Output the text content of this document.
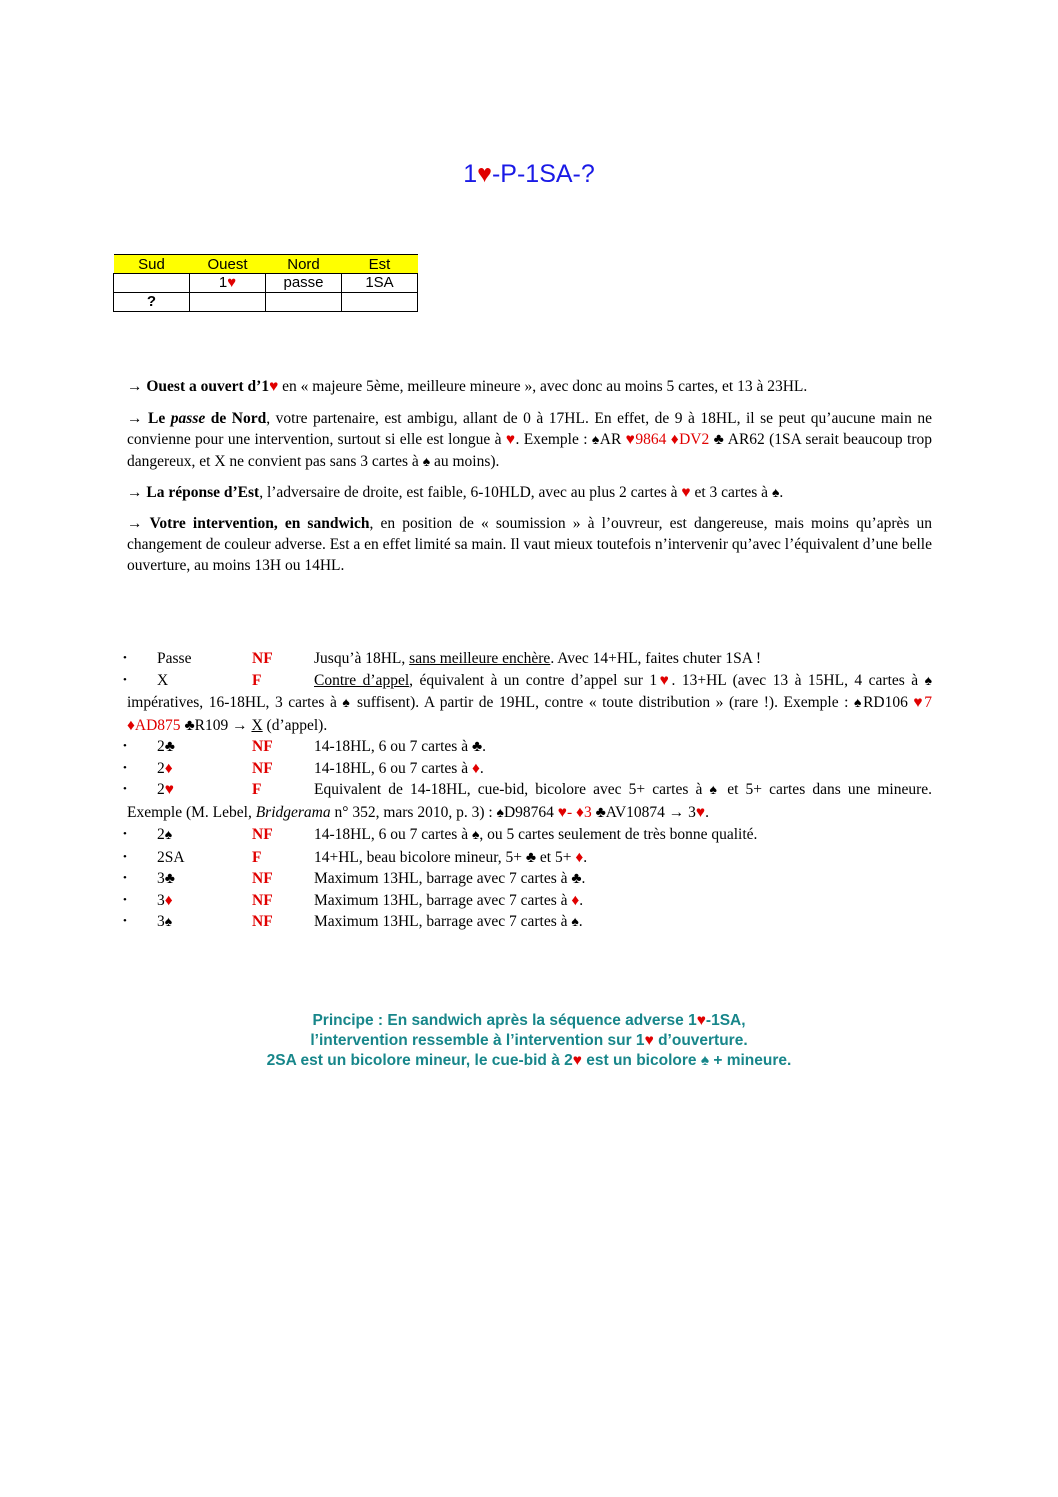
1♥-P-1SA-?
Sud	Ouest	Nord	Est
	1♥	passe	1SA
?			
→ Ouest a ouvert d’1♥ en « majeure 5ème, meilleure mineure », avec donc au moins 5 cartes, et 13 à 23HL.
→ Le passe de Nord, votre partenaire, est ambigu, allant de 0 à 17HL. En effet, de 9 à 18HL, il se peut qu’aucune main ne convienne pour une intervention, surtout si elle est longue à ♥. Exemple : ♠AR ♥9864 ♦DV2 ♣ AR62 (1SA serait beaucoup trop dangereux, et X ne convient pas sans 3 cartes à ♠ au moins).
→ La réponse d’Est, l’adversaire de droite, est faible, 6-10HLD, avec au plus 2 cartes à ♥ et 3 cartes à ♠.
→ Votre intervention, en sandwich, en position de « soumission » à l’ouvreur, est dangereuse, mais moins qu’après un changement de couleur adverse. Est a en effet limité sa main. Il vaut mieux toutefois n’intervenir qu’avec l’équivalent d’une belle ouverture, au moins 13H ou 14HL.
• Passe	NF	Jusqu’à 18HL, sans meilleure enchère. Avec 14+HL, faites chuter 1SA !
• X	F	Contre d’appel, équivalent à un contre d’appel sur 1♥. 13+HL (avec 13 à 15HL, 4 cartes à ♠ impératives, 16-18HL, 3 cartes à ♠ suffisent). A partir de 19HL, contre « toute distribution » (rare !). Exemple : ♠RD106 ♥7 ♦AD875 ♣R109 → X (d’appel).
• 2♣	NF	14-18HL, 6 ou 7 cartes à ♣.
• 2♦	NF	14-18HL, 6 ou 7 cartes à ♦.
• 2♥	F	Equivalent de 14-18HL, cue-bid, bicolore avec 5+ cartes à ♠ et 5+ cartes dans une mineure. Exemple (M. Lebel, Bridgerama n° 352, mars 2010, p. 3) : ♠D98764 ♥- ♦3 ♣AV10874 → 3♥.
• 2♠	NF	14-18HL, 6 ou 7 cartes à ♠, ou 5 cartes seulement de très bonne qualité.
• 2SA	F	14+HL, beau bicolore mineur, 5+ ♣ et 5+ ♦.
• 3♣	NF	Maximum 13HL, barrage avec 7 cartes à ♣.
• 3♦	NF	Maximum 13HL, barrage avec 7 cartes à ♦.
• 3♠	NF	Maximum 13HL, barrage avec 7 cartes à ♠.
Principe : En sandwich après la séquence adverse 1♥-1SA,
l’intervention ressemble à l’intervention sur 1♥ d’ouverture.
2SA est un bicolore mineur, le cue-bid à 2♥ est un bicolore ♠ + mineure.
